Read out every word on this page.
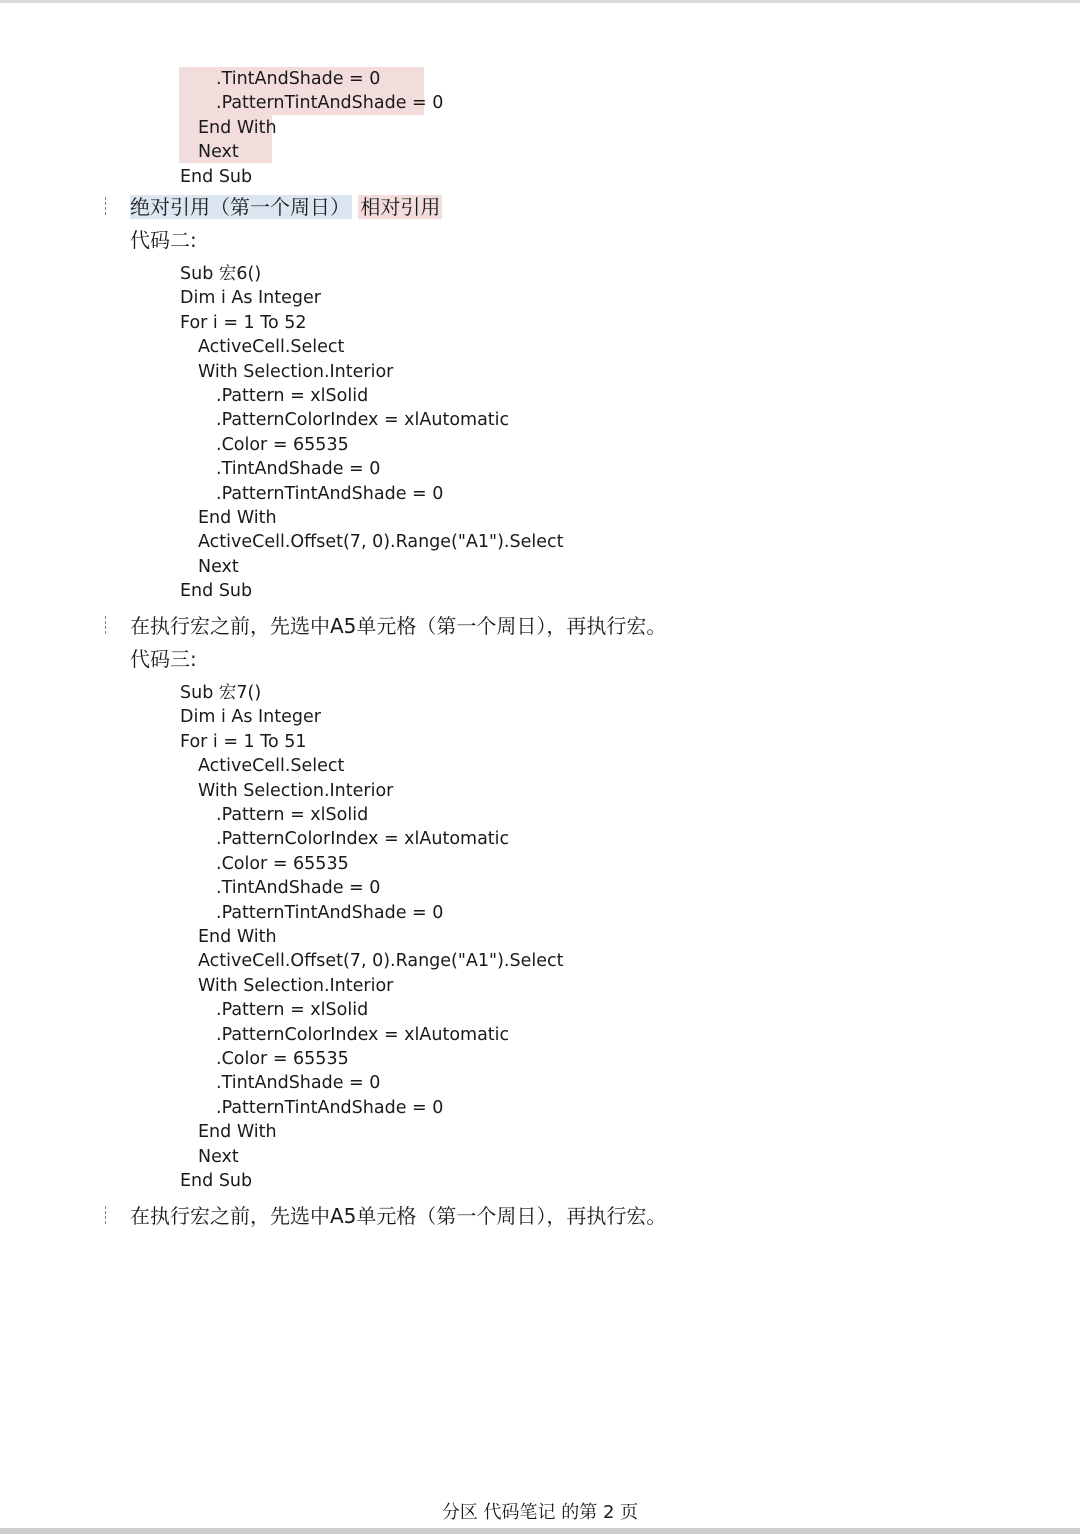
.TintAndShade = 0
.PatternTintAndShade = 0
End With
Next
End Sub
绝对引用（第一个周日） 相对引用
代码二:
Sub 宏6()
Dim i As Integer
For i = 1 To 52
ActiveCell.Select
With Selection.Interior
.Pattern = xlSolid
.PatternColorIndex = xlAutomatic
.Color = 65535
.TintAndShade = 0
.PatternTintAndShade = 0
End With
ActiveCell.Offset(7, 0).Range("A1").Select
Next
End Sub
在执行宏之前，先选中A5单元格（第一个周日），再执行宏。
代码三:
Sub 宏7()
Dim i As Integer
For i = 1 To 51
ActiveCell.Select
With Selection.Interior
.Pattern = xlSolid
.PatternColorIndex = xlAutomatic
.Color = 65535
.TintAndShade = 0
.PatternTintAndShade = 0
End With
ActiveCell.Offset(7, 0).Range("A1").Select
With Selection.Interior
.Pattern = xlSolid
.PatternColorIndex = xlAutomatic
.Color = 65535
.TintAndShade = 0
.PatternTintAndShade = 0
End With
Next
End Sub
在执行宏之前，先选中A5单元格（第一个周日），再执行宏。
分区 代码笔记 的第 2 页
